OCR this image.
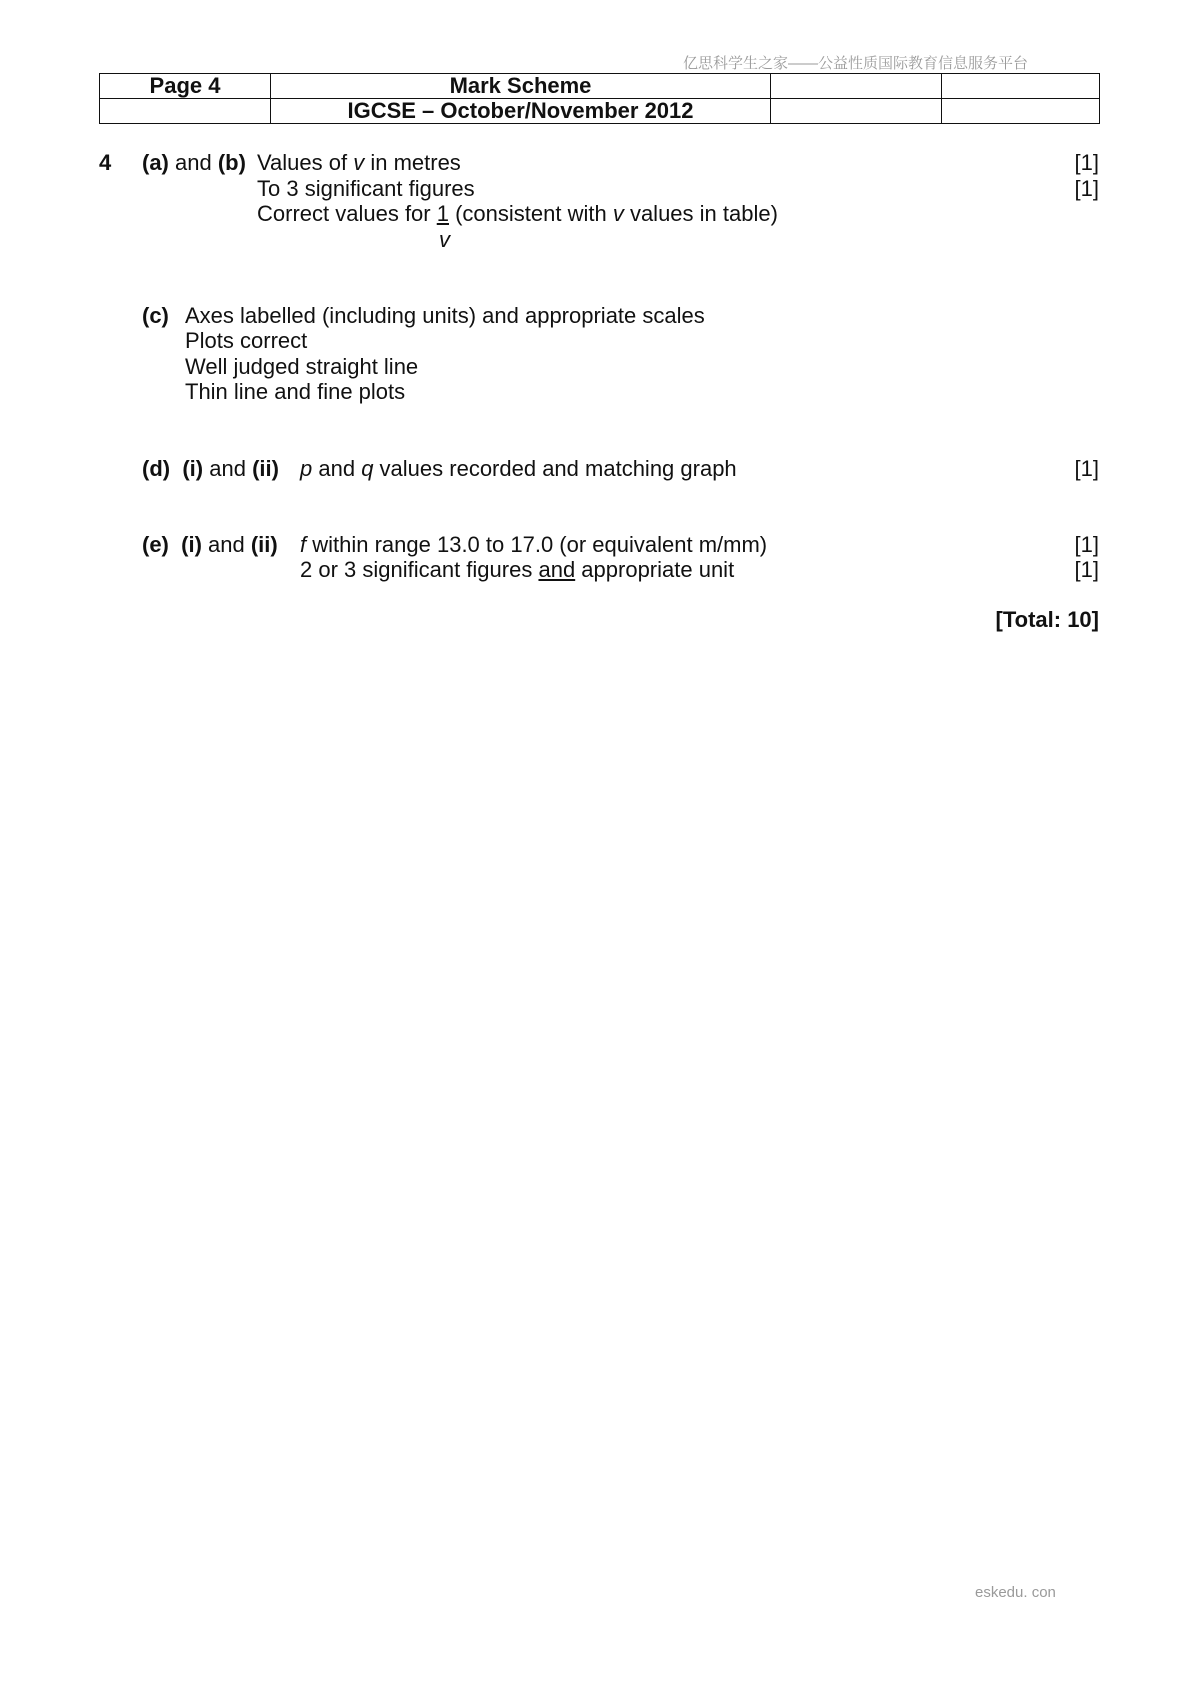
亿思科学生之家——公益性质国际教育信息服务平台
Page 4	Mark Scheme		
	IGCSE – October/November 2012		
4 (a) and (b) Values of v in metres	[1]
To 3 significant figures	[1]
Correct values for 1 (consistent with v values in table)
v
(c) Axes labelled (including units) and appropriate scales
Plots correct
Well judged straight line
Thin line and fine plots
(d) (i) and (ii) p and q values recorded and matching graph	[1]
(e) (i) and (ii) f within range 13.0 to 17.0 (or equivalent m/mm)	[1]
2 or 3 significant figures and appropriate unit	[1]
[Total: 10]
eskedu. con
